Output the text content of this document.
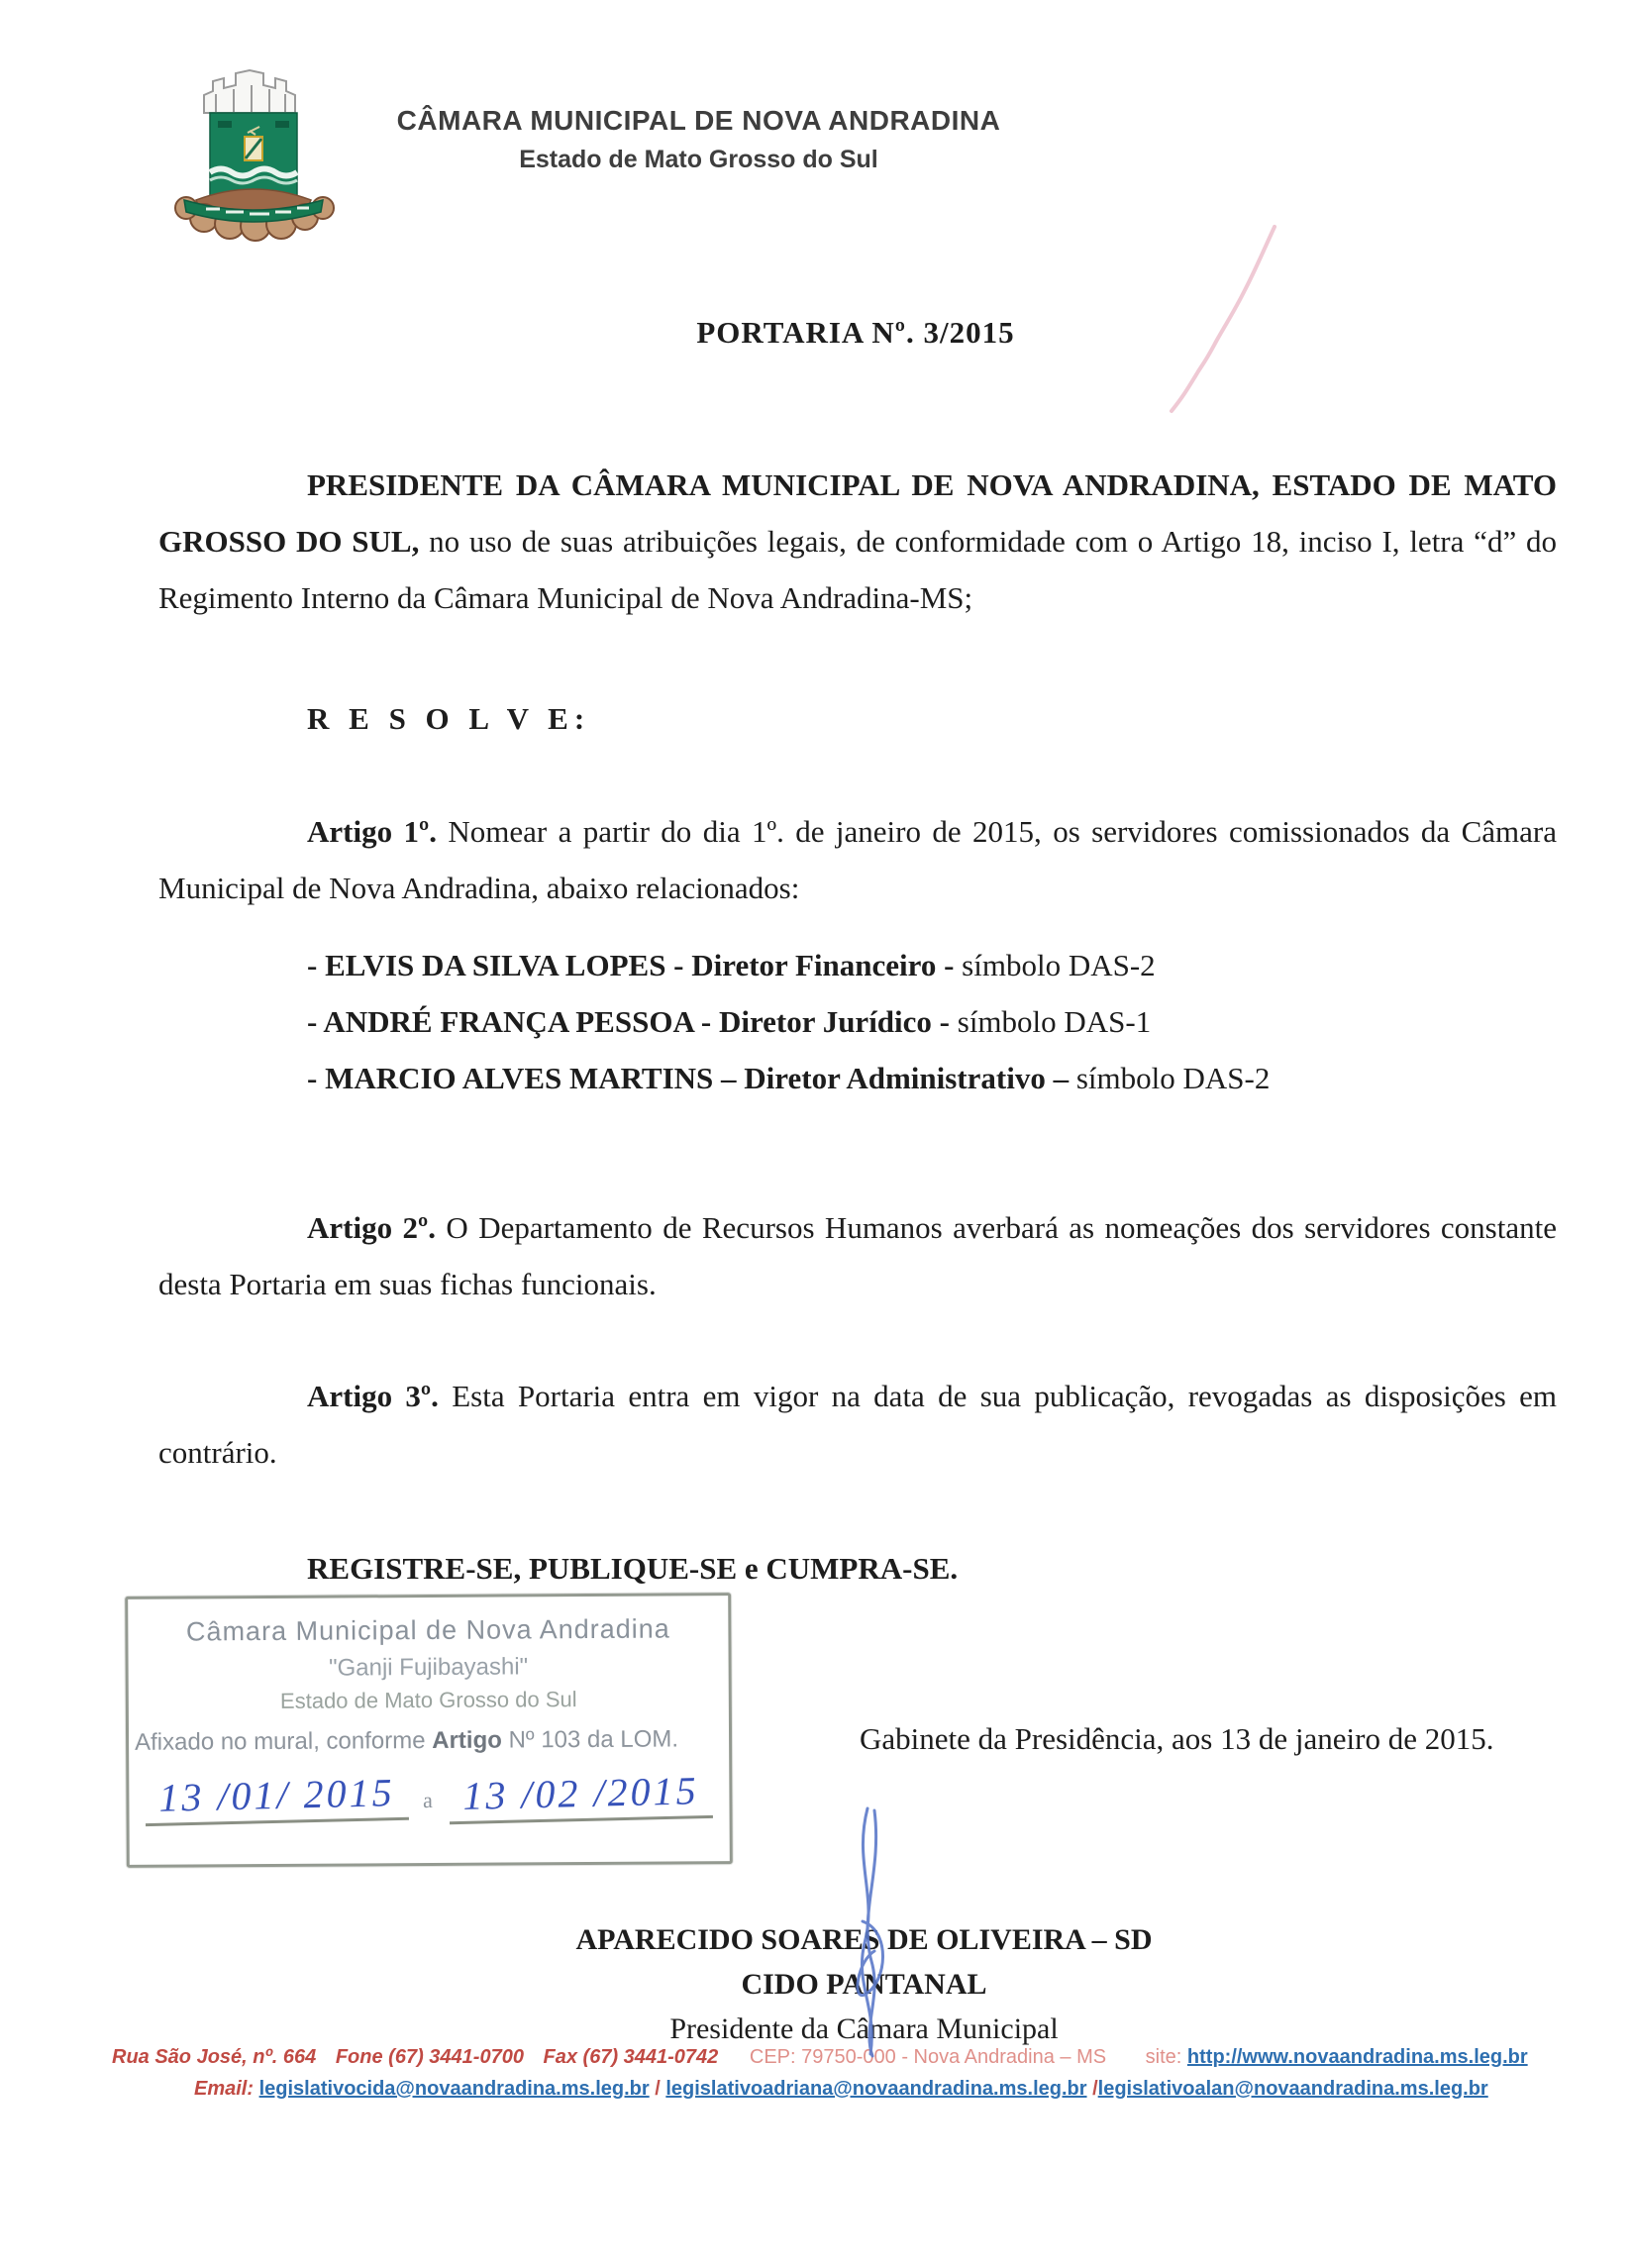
CÂMARA MUNICIPAL DE NOVA ANDRADINA
Estado de Mato Grosso do Sul
PORTARIA Nº. 3/2015

PRESIDENTE DA CÂMARA MUNICIPAL DE NOVA ANDRADINA, ESTADO DE MATO GROSSO DO SUL, no uso de suas atribuições legais, de conformidade com o Artigo 18, inciso I, letra “d” do Regimento Interno da Câmara Municipal de Nova Andradina-MS;

R E S O L V E:

Artigo 1º. Nomear a partir do dia 1º. de janeiro de 2015, os servidores comissionados da Câmara Municipal de Nova Andradina, abaixo relacionados:

- ELVIS DA SILVA LOPES - Diretor Financeiro - símbolo DAS-2
- ANDRÉ FRANÇA PESSOA - Diretor Jurídico - símbolo DAS-1
- MARCIO ALVES MARTINS – Diretor Administrativo – símbolo DAS-2

Artigo 2º. O Departamento de Recursos Humanos averbará as nomeações dos servidores constante desta Portaria em suas fichas funcionais.

Artigo 3º. Esta Portaria entra em vigor na data de sua publicação, revogadas as disposições em contrário.

REGISTRE-SE, PUBLIQUE-SE e CUMPRA-SE.

Câmara Municipal de Nova Andradina
"Ganji Fujibayashi"
Estado de Mato Grosso do Sul
Afixado no mural, conforme Artigo Nº 103 da LOM.
13 /01/ 2015 a 13 /02 /2015
Gabinete da Presidência, aos 13 de janeiro de 2015.
APARECIDO SOARES DE OLIVEIRA – SD
CIDO PANTANAL
Presidente da Câmara Municipal
Rua São José, nº. 664 Fone (67) 3441-0700 Fax (67) 3441-0742 CEP: 79750-000 - Nova Andradina – MS site: http://www.novaandradina.ms.leg.br
Email: legislativocida@novaandradina.ms.leg.br / legislativoadriana@novaandradina.ms.leg.br /legislativoalan@novaandradina.ms.leg.br
